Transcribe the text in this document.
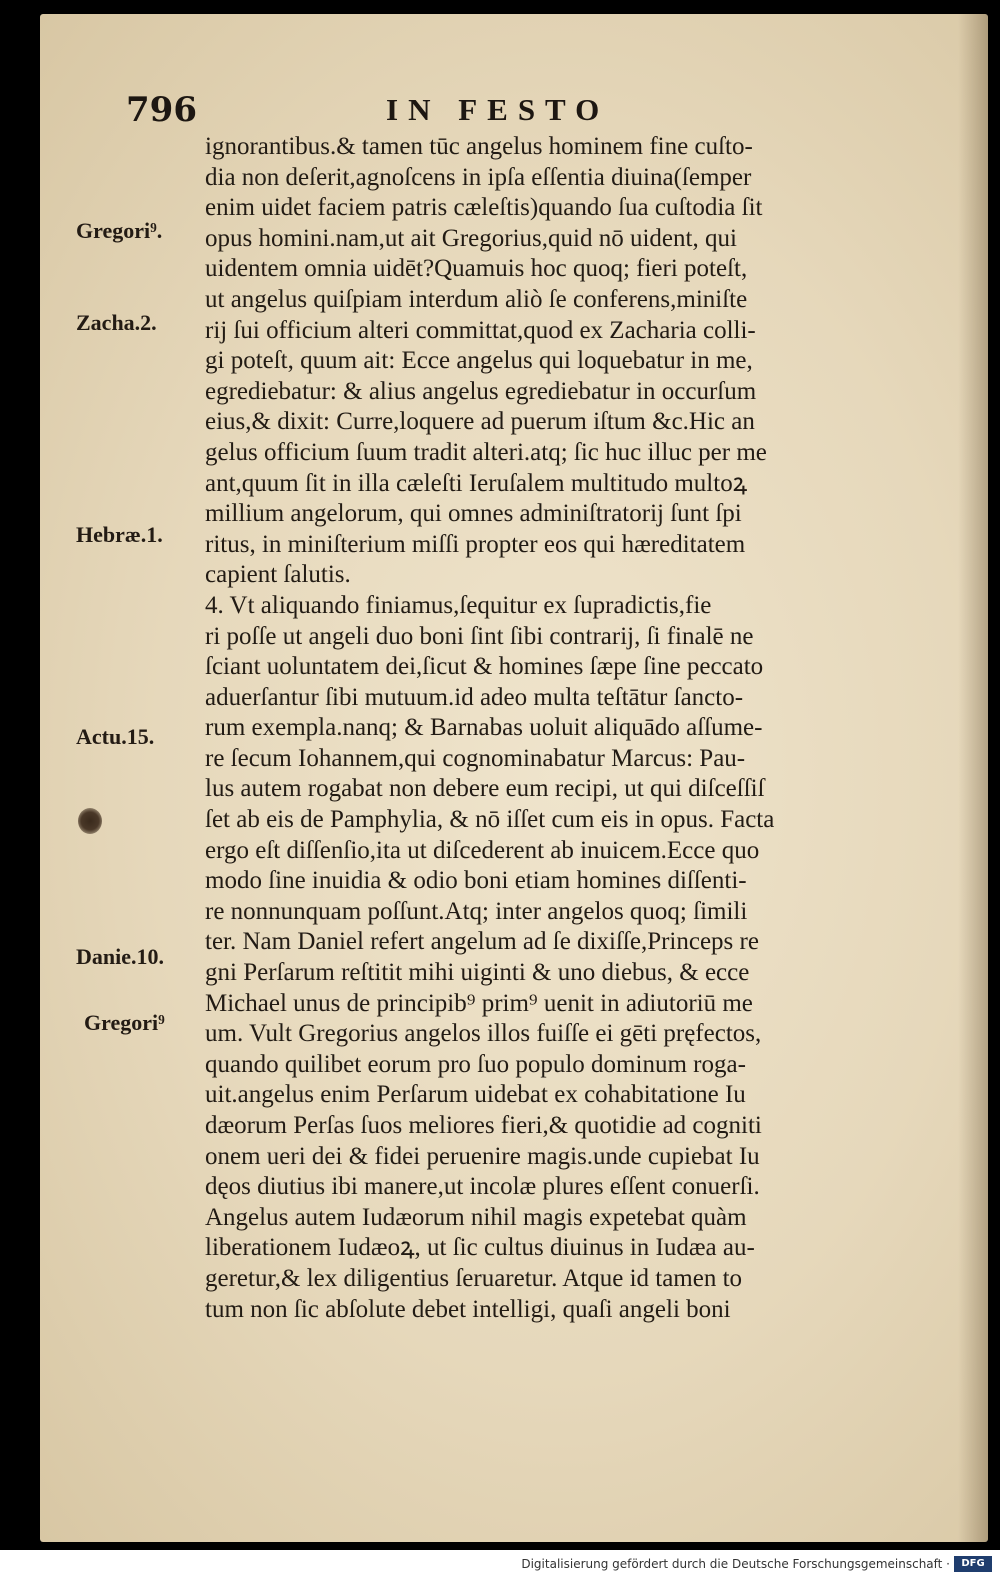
796	IN FESTO
ignorantibus.& tamen tūc angelus hominem fine cuſto-
dia non deſerit,agnoſcens in ipſa eſſentia diuina(ſemper
enim uidet faciem patris cæleſtis)quando ſua cuſtodia ſit
opus homini.nam,ut ait Gregorius,quid nō uident, qui
uidentem omnia uidēt?Quamuis hoc quoq; fieri poteſt,
ut angelus quiſpiam interdum aliò ſe conferens,miniſte
rij ſui officium alteri committat,quod ex Zacharia colli-
gi poteſt, quum ait: Ecce angelus qui loquebatur in me,
egrediebatur: & alius angelus egrediebatur in occurſum
eius,& dixit: Curre,loquere ad puerum iſtum &c.Hic an
gelus officium ſuum tradit alteri.atq; ſic huc illuc per me
ant,quum ſit in illa cæleſti Ieruſalem multitudo multoꝝ
millium angelorum, qui omnes adminiſtratorij ſunt ſpi
ritus, in miniſterium miſſi propter eos qui hæreditatem
capient ſalutis.
4. Vt aliquando finiamus,ſequitur ex ſupradictis,fie
ri poſſe ut angeli duo boni ſint ſibi contrarij, ſi finalē ne
ſciant uoluntatem dei,ſicut & homines ſæpe ſine peccato
aduerſantur ſibi mutuum.id adeo multa teſtātur ſancto-
rum exempla.nanq; & Barnabas uoluit aliquādo aſſume-
re ſecum Iohannem,qui cognominabatur Marcus: Pau-
lus autem rogabat non debere eum recipi, ut qui diſceſſiſ
ſet ab eis de Pamphylia, & nō iſſet cum eis in opus. Facta
ergo eſt diſſenſio,ita ut diſcederent ab inuicem.Ecce quo
modo ſine inuidia & odio boni etiam homines diſſenti-
re nonnunquam poſſunt.Atq; inter angelos quoq; ſimili
ter. Nam Daniel refert angelum ad ſe dixiſſe,Princeps re
gni Perſarum reſtitit mihi uiginti & uno diebus, & ecce
Michael unus de principib⁹ prim⁹ uenit in adiutoriū me
um. Vult Gregorius angelos illos fuiſſe ei gēti pręfectos,
quando quilibet eorum pro ſuo populo dominum roga-
uit.angelus enim Perſarum uidebat ex cohabitatione Iu
dæorum Perſas ſuos meliores fieri,& quotidie ad cogniti
onem ueri dei & fidei peruenire magis.unde cupiebat Iu
dęos diutius ibi manere,ut incolæ plures eſſent conuerſi.
Angelus autem Iudæorum nihil magis expetebat quàm
liberationem Iudæoꝝ, ut ſic cultus diuinus in Iudæa au-
geretur,& lex diligentius ſeruaretur. Atque id tamen to
tum non ſic abſolute debet intelligi, quaſi angeli boni
Gregori⁹.
Zacha.2.
Hebræ.1.
Actu.15.
Danie.10.
Gregori⁹
Digitalisierung gefördert durch die Deutsche Forschungsgemeinschaft ·	DFG
